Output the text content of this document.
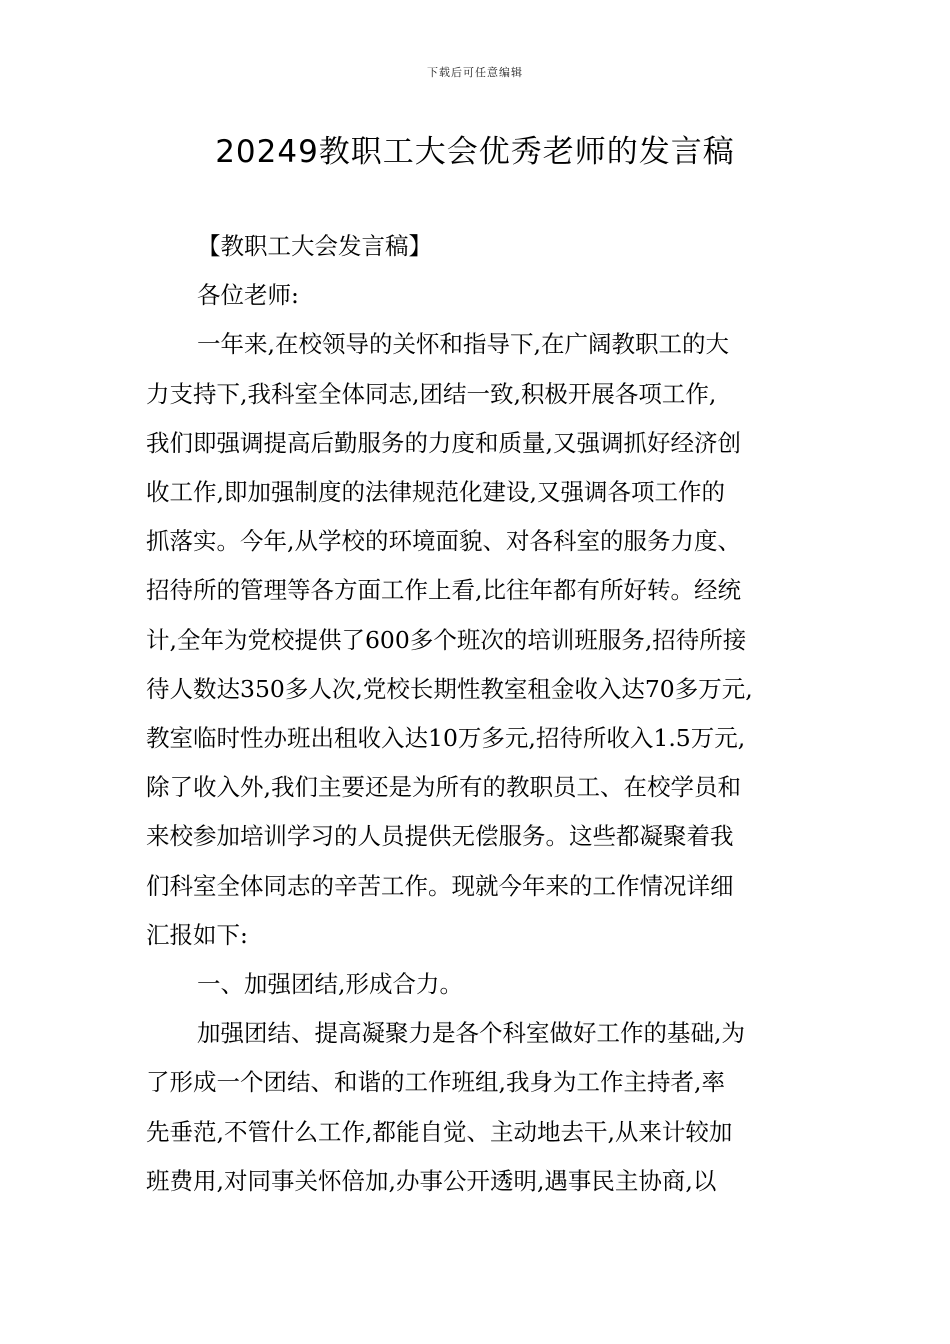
下载后可任意编辑
20249教职工大会优秀老师的发言稿

【教职工大会发言稿】

各位老师:

一年来,在校领导的关怀和指导下,在广阔教职工的大
力支持下,我科室全体同志,团结一致,积极开展各项工作,
我们即强调提高后勤服务的力度和质量,又强调抓好经济创
收工作,即加强制度的法律规范化建设,又强调各项工作的
抓落实。今年,从学校的环境面貌、对各科室的服务力度、
招待所的管理等各方面工作上看,比往年都有所好转。经统
计,全年为党校提供了600多个班次的培训班服务,招待所接
待人数达350多人次,党校长期性教室租金收入达70多万元,
教室临时性办班出租收入达10万多元,招待所收入1.5万元,
除了收入外,我们主要还是为所有的教职员工、在校学员和
来校参加培训学习的人员提供无偿服务。这些都凝聚着我
们科室全体同志的辛苦工作。现就今年来的工作情况详细
汇报如下:

一、加强团结,形成合力。

加强团结、提高凝聚力是各个科室做好工作的基础,为
了形成一个团结、和谐的工作班组,我身为工作主持者,率
先垂范,不管什么工作,都能自觉、主动地去干,从来计较加
班费用,对同事关怀倍加,办事公开透明,遇事民主协商,以
